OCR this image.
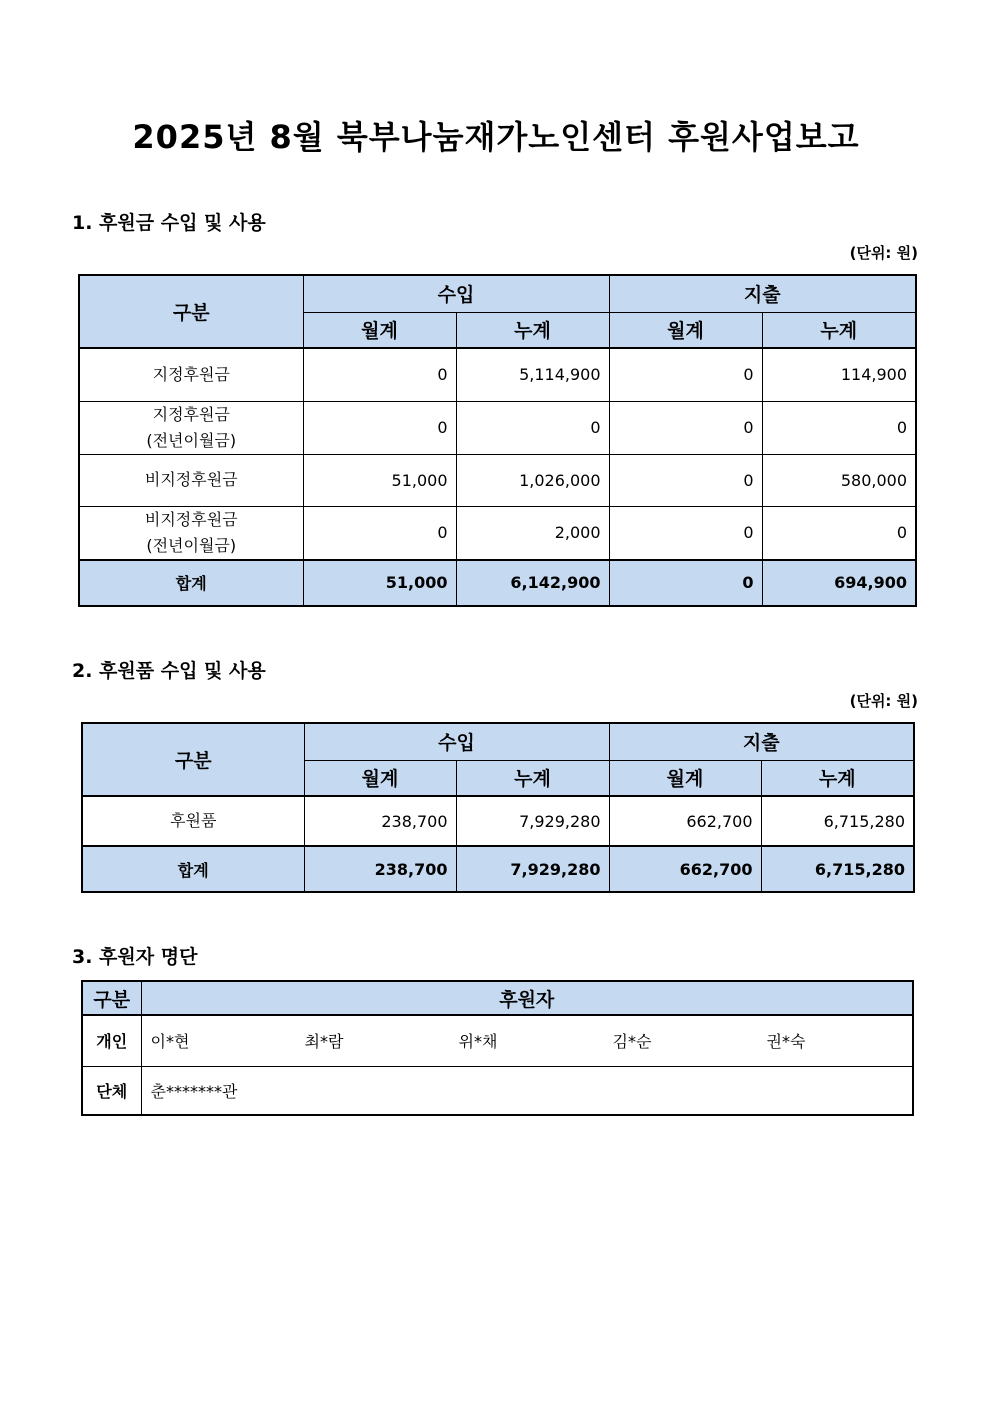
2025년 8월 북부나눔재가노인센터 후원사업보고
1. 후원금 수입 및 사용
(단위: 원)
구분	수입		지출	
	월계	누계	월계	누계
지정후원금	0	5,114,900	0	114,900
지정후원금
(전년이월금)	0	0	0	0
비지정후원금	51,000	1,026,000	0	580,000
비지정후원금
(전년이월금)	0	2,000	0	0
합계	51,000	6,142,900	0	694,900
2. 후원품 수입 및 사용
(단위: 원)
구분	수입		지출	
	월계	누계	월계	누계
후원품	238,700	7,929,280	662,700	6,715,280
합계	238,700	7,929,280	662,700	6,715,280
3. 후원자 명단
구분	후원자
개인	이*현 최*람 위*채 김*순 권*숙
단체	춘*******관
